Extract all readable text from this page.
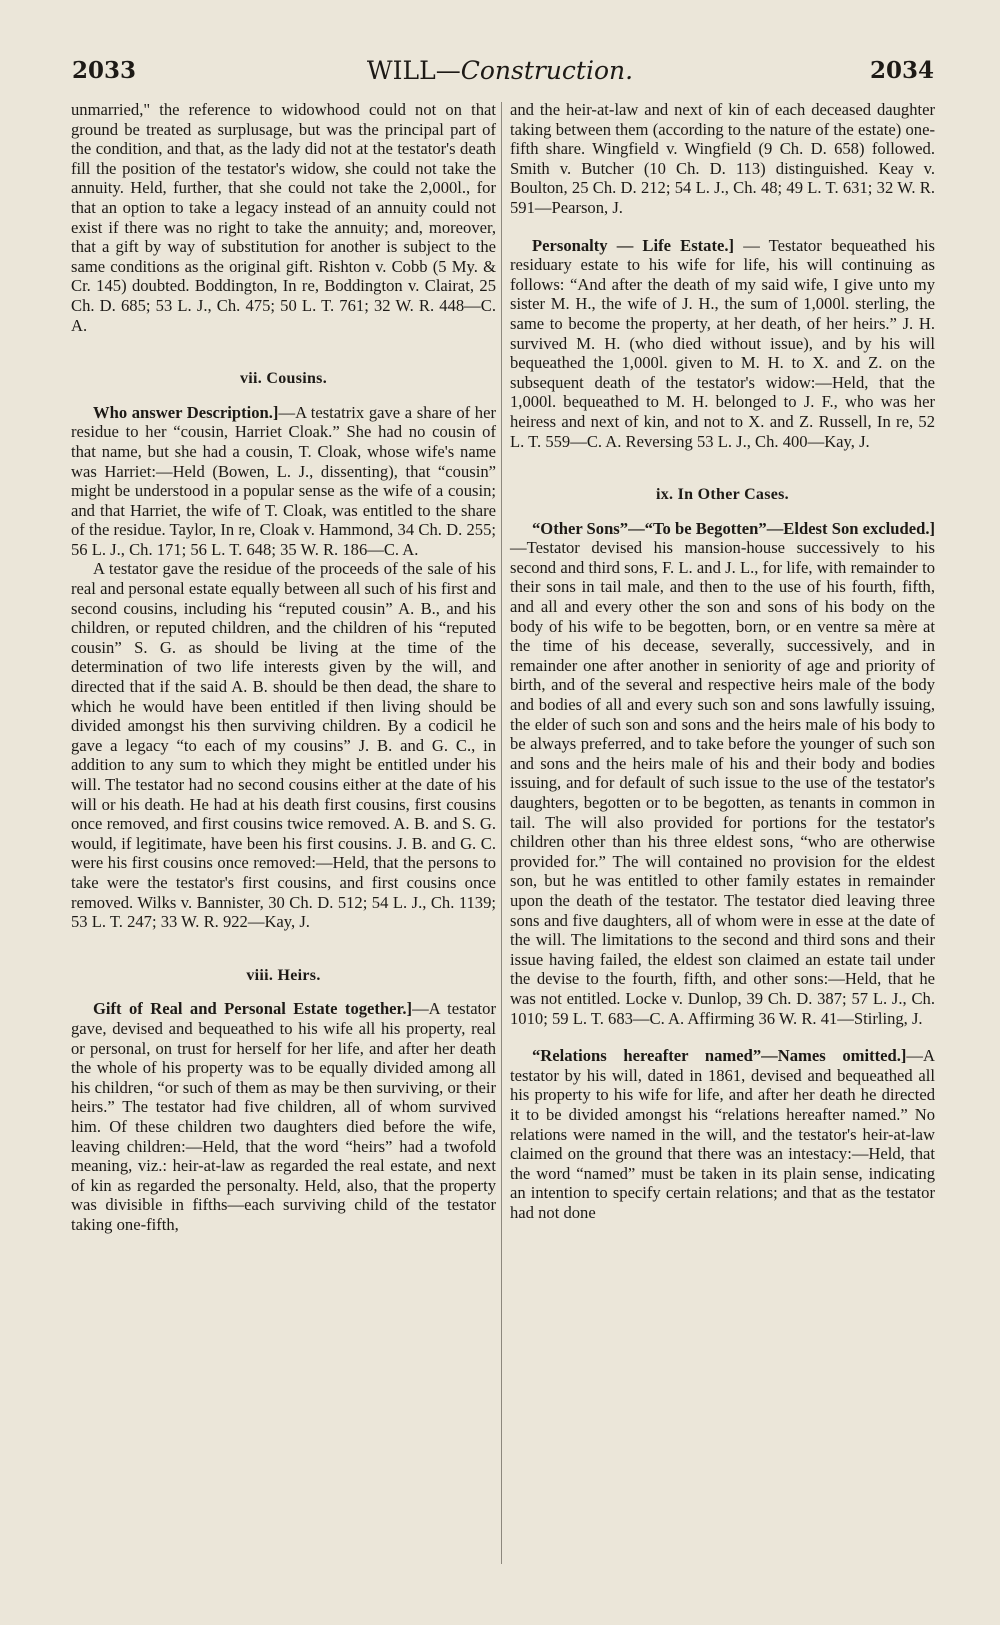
2033	WILL—Construction.	2034

unmarried," the reference to widowhood could not on that ground be treated as surplusage, but was the principal part of the condition, and that, as the lady did not at the testator's death fill the position of the testator's widow, she could not take the annuity. Held, further, that she could not take the 2,000l., for that an option to take a legacy instead of an annuity could not exist if there was no right to take the annuity; and, moreover, that a gift by way of substitution for another is subject to the same conditions as the original gift. Rishton v. Cobb (5 My. & Cr. 145) doubted. Boddington, In re, Boddington v. Clairat, 25 Ch. D. 685; 53 L. J., Ch. 475; 50 L. T. 761; 32 W. R. 448—C. A.

vii. Cousins.

Who answer Description.]—A testatrix gave a share of her residue to her “cousin, Harriet Cloak.” She had no cousin of that name, but she had a cousin, T. Cloak, whose wife's name was Harriet:—Held (Bowen, L. J., dissenting), that “cousin” might be understood in a popular sense as the wife of a cousin; and that Harriet, the wife of T. Cloak, was entitled to the share of the residue. Taylor, In re, Cloak v. Hammond, 34 Ch. D. 255; 56 L. J., Ch. 171; 56 L. T. 648; 35 W. R. 186—C. A.

A testator gave the residue of the proceeds of the sale of his real and personal estate equally between all such of his first and second cousins, including his “reputed cousin” A. B., and his children, or reputed children, and the children of his “reputed cousin” S. G. as should be living at the time of the determination of two life interests given by the will, and directed that if the said A. B. should be then dead, the share to which he would have been entitled if then living should be divided amongst his then surviving children. By a codicil he gave a legacy “to each of my cousins” J. B. and G. C., in addition to any sum to which they might be entitled under his will. The testator had no second cousins either at the date of his will or his death. He had at his death first cousins, first cousins once removed, and first cousins twice removed. A. B. and S. G. would, if legitimate, have been his first cousins. J. B. and G. C. were his first cousins once removed:—Held, that the persons to take were the testator's first cousins, and first cousins once removed. Wilks v. Bannister, 30 Ch. D. 512; 54 L. J., Ch. 1139; 53 L. T. 247; 33 W. R. 922—Kay, J.

viii. Heirs.

Gift of Real and Personal Estate together.]—A testator gave, devised and bequeathed to his wife all his property, real or personal, on trust for herself for her life, and after her death the whole of his property was to be equally divided among all his children, “or such of them as may be then surviving, or their heirs.” The testator had five children, all of whom survived him. Of these children two daughters died before the wife, leaving children:—Held, that the word “heirs” had a twofold meaning, viz.: heir-at-law as regarded the real estate, and next of kin as regarded the personalty. Held, also, that the property was divisible in fifths—each surviving child of the testator taking one-fifth,

and the heir-at-law and next of kin of each deceased daughter taking between them (according to the nature of the estate) one-fifth share. Wingfield v. Wingfield (9 Ch. D. 658) followed. Smith v. Butcher (10 Ch. D. 113) distinguished. Keay v. Boulton, 25 Ch. D. 212; 54 L. J., Ch. 48; 49 L. T. 631; 32 W. R. 591—Pearson, J.

Personalty — Life Estate.] — Testator bequeathed his residuary estate to his wife for life, his will continuing as follows: “And after the death of my said wife, I give unto my sister M. H., the wife of J. H., the sum of 1,000l. sterling, the same to become the property, at her death, of her heirs.” J. H. survived M. H. (who died without issue), and by his will bequeathed the 1,000l. given to M. H. to X. and Z. on the subsequent death of the testator's widow:—Held, that the 1,000l. bequeathed to M. H. belonged to J. F., who was her heiress and next of kin, and not to X. and Z. Russell, In re, 52 L. T. 559—C. A. Reversing 53 L. J., Ch. 400—Kay, J.

ix. In Other Cases.

“Other Sons”—“To be Begotten”—Eldest Son excluded.]—Testator devised his mansion-house successively to his second and third sons, F. L. and J. L., for life, with remainder to their sons in tail male, and then to the use of his fourth, fifth, and all and every other the son and sons of his body on the body of his wife to be begotten, born, or en ventre sa mère at the time of his decease, severally, successively, and in remainder one after another in seniority of age and priority of birth, and of the several and respective heirs male of the body and bodies of all and every such son and sons lawfully issuing, the elder of such son and sons and the heirs male of his body to be always preferred, and to take before the younger of such son and sons and the heirs male of his and their body and bodies issuing, and for default of such issue to the use of the testator's daughters, begotten or to be begotten, as tenants in common in tail. The will also provided for portions for the testator's children other than his three eldest sons, “who are otherwise provided for.” The will contained no provision for the eldest son, but he was entitled to other family estates in remainder upon the death of the testator. The testator died leaving three sons and five daughters, all of whom were in esse at the date of the will. The limitations to the second and third sons and their issue having failed, the eldest son claimed an estate tail under the devise to the fourth, fifth, and other sons:—Held, that he was not entitled. Locke v. Dunlop, 39 Ch. D. 387; 57 L. J., Ch. 1010; 59 L. T. 683—C. A. Affirming 36 W. R. 41—Stirling, J.

“Relations hereafter named”—Names omitted.]—A testator by his will, dated in 1861, devised and bequeathed all his property to his wife for life, and after her death he directed it to be divided amongst his “relations hereafter named.” No relations were named in the will, and the testator's heir-at-law claimed on the ground that there was an intestacy:—Held, that the word “named” must be taken in its plain sense, indicating an intention to specify certain relations; and that as the testator had not done
